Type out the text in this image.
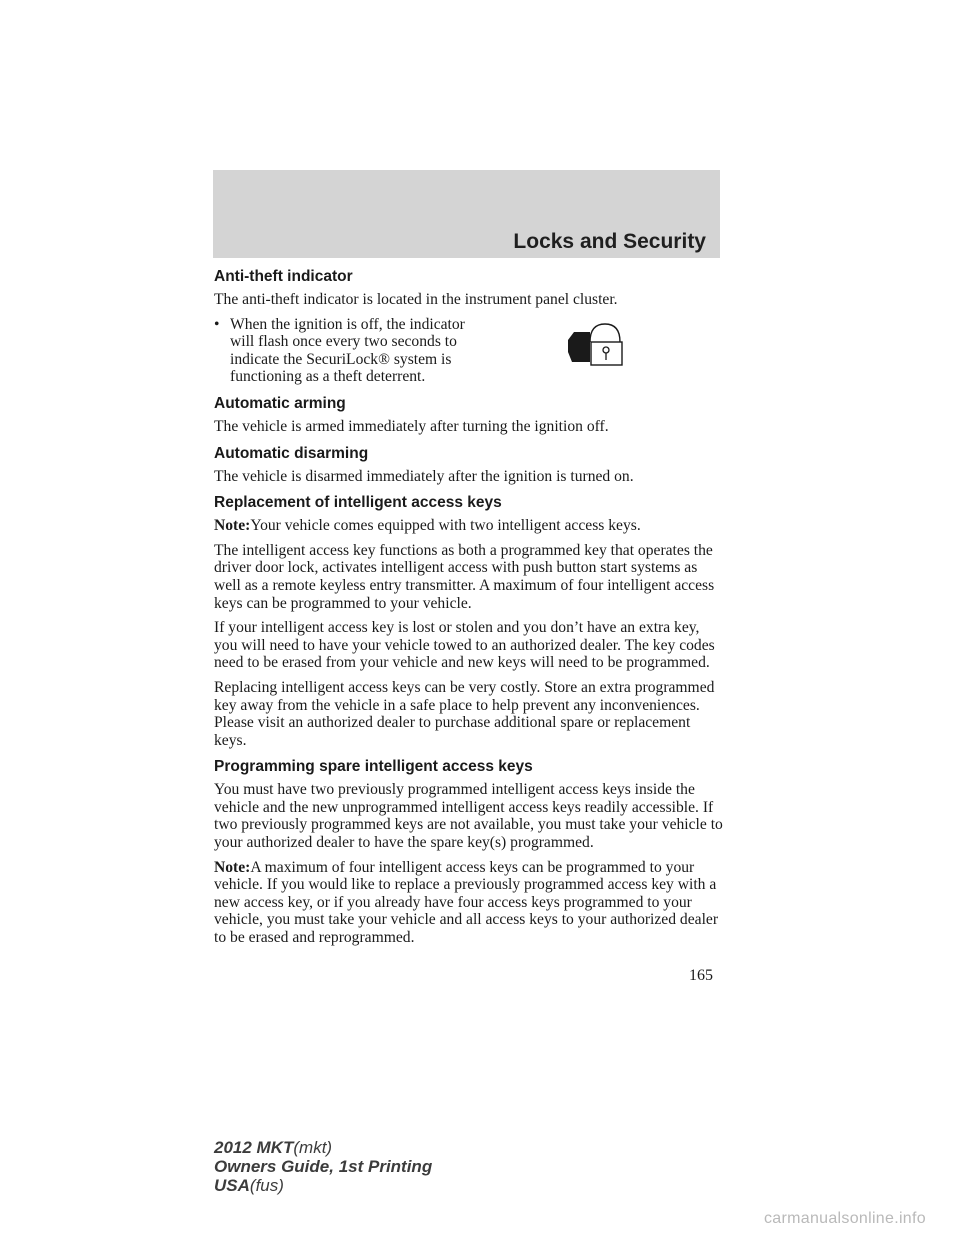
Locks and Security
Anti-theft indicator

The anti-theft indicator is located in the instrument panel cluster.

• When the ignition is off, the indicator will flash once every two seconds to indicate the SecuriLock® system is functioning as a theft deterrent.
Automatic arming

The vehicle is armed immediately after turning the ignition off.

Automatic disarming

The vehicle is disarmed immediately after the ignition is turned on.

Replacement of intelligent access keys

Note:Your vehicle comes equipped with two intelligent access keys.

The intelligent access key functions as both a programmed key that operates the driver door lock, activates intelligent access with push button start systems as well as a remote keyless entry transmitter. A maximum of four intelligent access keys can be programmed to your vehicle.

If your intelligent access key is lost or stolen and you don’t have an extra key, you will need to have your vehicle towed to an authorized dealer. The key codes need to be erased from your vehicle and new keys will need to be programmed.

Replacing intelligent access keys can be very costly. Store an extra programmed key away from the vehicle in a safe place to help prevent any inconveniences. Please visit an authorized dealer to purchase additional spare or replacement keys.

Programming spare intelligent access keys

You must have two previously programmed intelligent access keys inside the vehicle and the new unprogrammed intelligent access keys readily accessible. If two previously programmed keys are not available, you must take your vehicle to your authorized dealer to have the spare key(s) programmed.

Note:A maximum of four intelligent access keys can be programmed to your vehicle. If you would like to replace a previously programmed access key with a new access key, or if you already have four access keys programmed to your vehicle, you must take your vehicle and all access keys to your authorized dealer to be erased and reprogrammed.

165
2012 MKT(mkt)
Owners Guide, 1st Printing
USA(fus)
carmanualsonline.info
